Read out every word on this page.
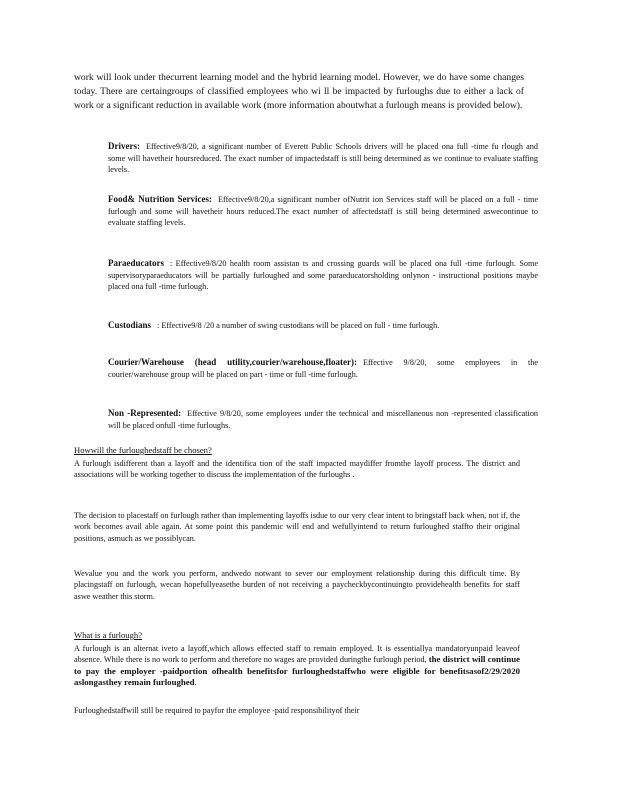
work will look under thecurrent learning model and the hybrid learning model. However, we do have some changes today. There are certaingroups of classified employees who wi ll be impacted by furloughs due to either a lack of work or a significant reduction in available work (more information aboutwhat a furlough means is provided below).

Drivers: Effective9/8/20, a significant number of Everett Public Schools drivers will be placed ona full -time fu rlough and some will havetheir hoursreduced. The exact number of impactedstaff is still being determined as we continue to evaluate staffing levels.
Food& Nutrition Services: Effective9/8/20,a significant number ofNutrit ion Services staff will be placed on a full - time furlough and some will havetheir hours reduced.The exact number of affectedstaff is still being determined aswecontinue to evaluate staffing levels.
Paraeducators : Effective9/8/20 health room assistan ts and crossing guards will be placed ona full -time furlough. Some supervisoryparaeducators will be partially furloughed and some paraeducatorsholding onlynon - instructional positions maybe placed ona full -time furlough.
Custodians : Effective9/8 /20 a number of swing custodians will be placed on full - time furlough.
Courier/Warehouse (head utility,courier/warehouse,floater): Effective 9/8/20, some employees in the courier/warehouse group will be placed on part - time or full -time furlough.
Non -Represented: Effective 9/8/20, some employees under the technical and miscellaneous non -represented classification will be placed onfull -time furloughs.
Howwill the furloughedstaff be chosen?
A furlough isdifferent than a layoff and the identifica tion of the staff impacted maydiffer fromthe layoff process. The district and associations will be working together to discuss the implementation of the furloughs .
The decision to placestaff on furlough rather than implementing layoffs isdue to our very clear intent to bringstaff back when, not if, the work becomes avail able again. At some point this pandemic will end and wefullyintend to return furloughed staffto their original positions, asmuch as we possiblycan.
Wevalue you and the work you perform, andwedo notwant to sever our employment relationship during this difficult time. By placingstaff on furlough, wecan hopefullyeasethe burden of not receiving a paycheckbycontinuingto providehealth benefits for staff aswe weather this storm.
What is a furlough?
A furlough is an alternat iveto a layoff,which allows effected staff to remain employed. It is essentiallya mandatoryunpaid leaveof absence. While there is no work to perform and therefore no wages are provided duringthe furlough period, the district will continue to pay the employer -paidportion ofhealth benefitsfor furloughedstaffwho were eligible for benefitsasof2/29/2020 aslongasthey remain furloughed.
Furloughedstaffwill still be required to payfor the employee -paid responsibilityof their
